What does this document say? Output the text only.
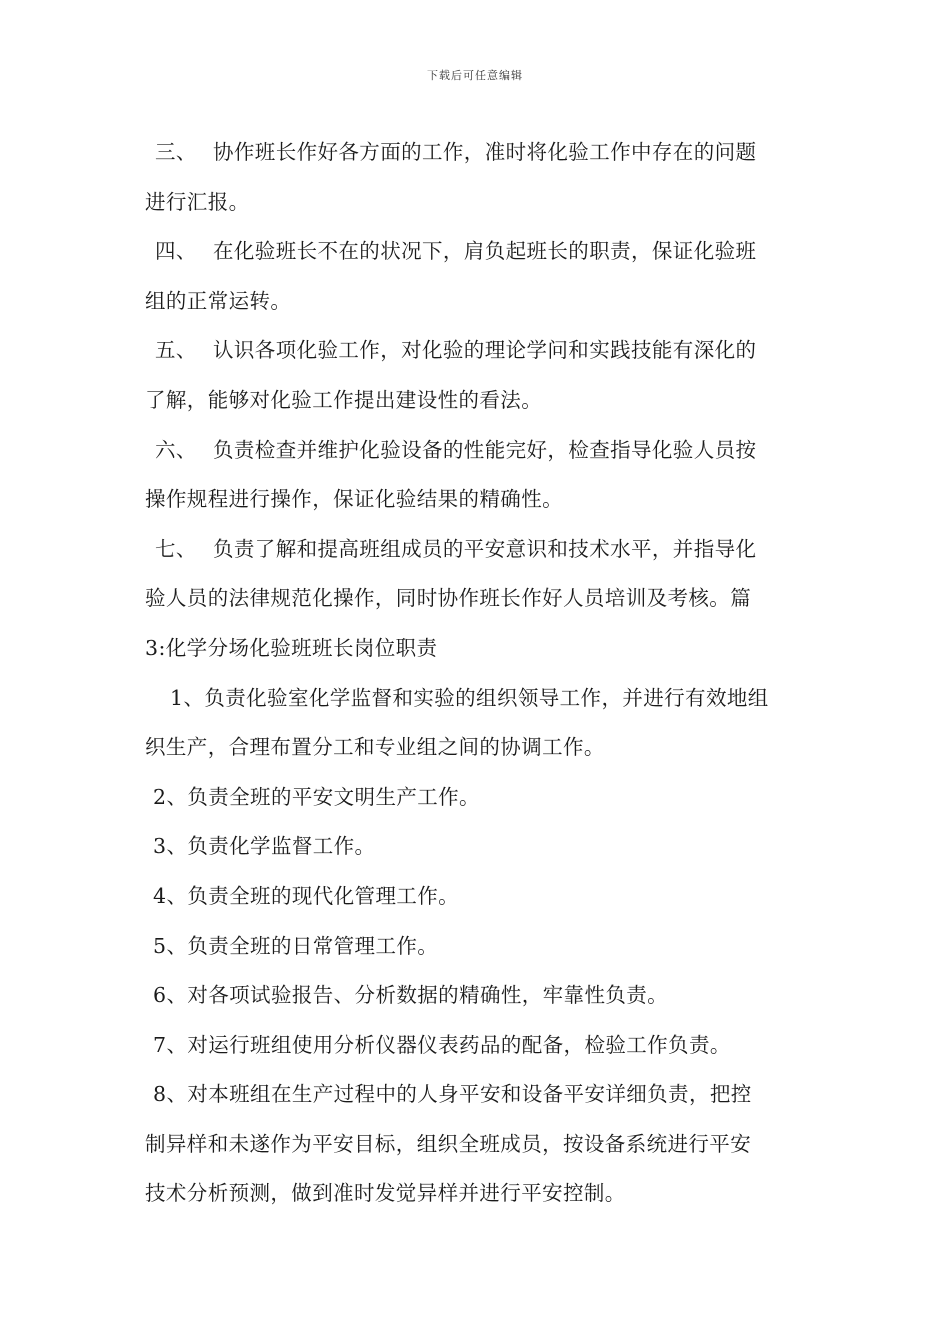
下载后可任意编辑
三、 协作班长作好各方面的工作，准时将化验工作中存在的问题
进行汇报。
四、 在化验班长不在的状况下，肩负起班长的职责，保证化验班
组的正常运转。
五、 认识各项化验工作，对化验的理论学问和实践技能有深化的
了解，能够对化验工作提出建设性的看法。
六、 负责检查并维护化验设备的性能完好，检查指导化验人员按
操作规程进行操作，保证化验结果的精确性。
七、 负责了解和提高班组成员的平安意识和技术水平，并指导化
验人员的法律规范化操作，同时协作班长作好人员培训及考核。篇
3:化学分场化验班班长岗位职责
1、负责化验室化学监督和实验的组织领导工作，并进行有效地组
织生产，合理布置分工和专业组之间的协调工作。
2、负责全班的平安文明生产工作。
3、负责化学监督工作。
4、负责全班的现代化管理工作。
5、负责全班的日常管理工作。
6、对各项试验报告、分析数据的精确性，牢靠性负责。
7、对运行班组使用分析仪器仪表药品的配备，检验工作负责。
8、对本班组在生产过程中的人身平安和设备平安详细负责，把控
制异样和未遂作为平安目标，组织全班成员，按设备系统进行平安
技术分析预测，做到准时发觉异样并进行平安控制。
